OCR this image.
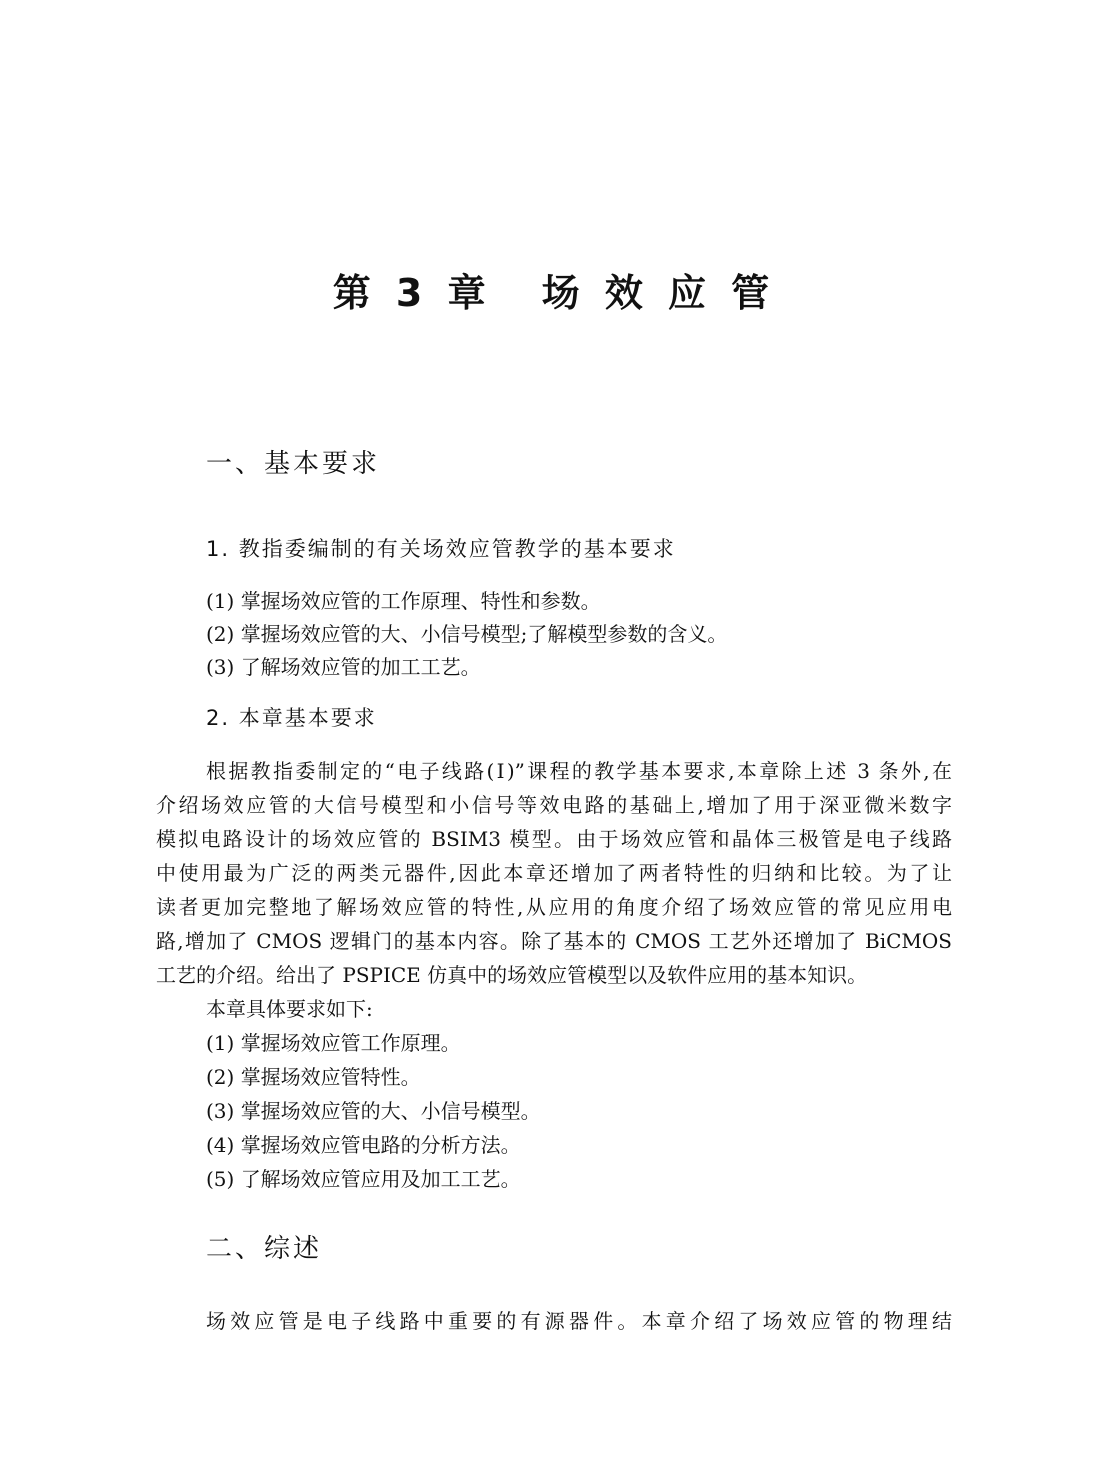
第 3 章 场 效 应 管
一、基本要求
1. 教指委编制的有关场效应管教学的基本要求
(1) 掌握场效应管的工作原理、特性和参数。
(2) 掌握场效应管的大、小信号模型;了解模型参数的含义。
(3) 了解场效应管的加工工艺。
2. 本章基本要求
根据教指委制定的“电子线路(Ⅰ)”课程的教学基本要求,本章除上述 3 条外,在
介绍场效应管的大信号模型和小信号等效电路的基础上,增加了用于深亚微米数字
模拟电路设计的场效应管的 BSIM3 模型。由于场效应管和晶体三极管是电子线路
中使用最为广泛的两类元器件,因此本章还增加了两者特性的归纳和比较。为了让
读者更加完整地了解场效应管的特性,从应用的角度介绍了场效应管的常见应用电
路,增加了 CMOS 逻辑门的基本内容。除了基本的 CMOS 工艺外还增加了 BiCMOS
工艺的介绍。给出了 PSPICE 仿真中的场效应管模型以及软件应用的基本知识。
本章具体要求如下:
(1) 掌握场效应管工作原理。
(2) 掌握场效应管特性。
(3) 掌握场效应管的大、小信号模型。
(4) 掌握场效应管电路的分析方法。
(5) 了解场效应管应用及加工工艺。
二、综述
场效应管是电子线路中重要的有源器件。本章介绍了场效应管的物理结
